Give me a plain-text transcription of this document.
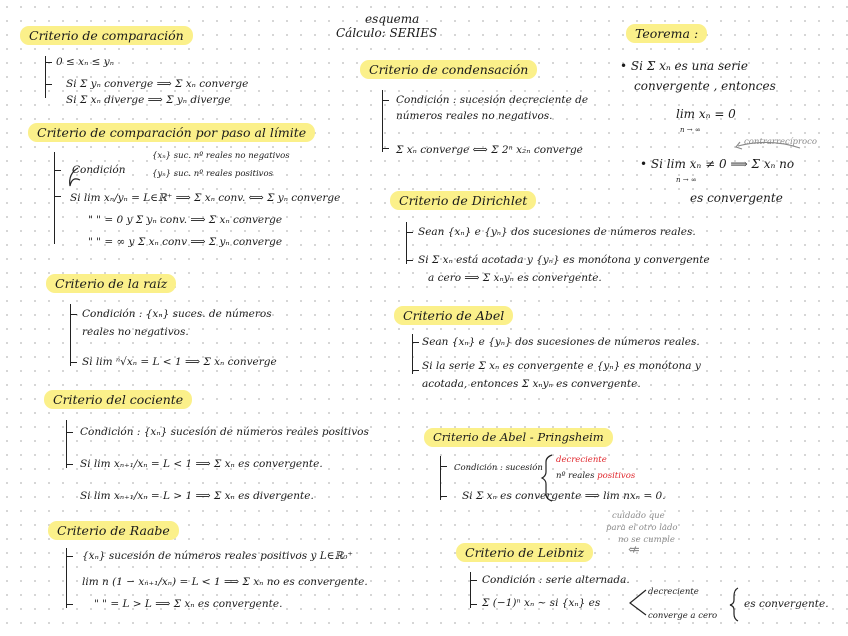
esquema
Cálculo: SERIES
Criterio de comparación
0 ≤ xₙ ≤ yₙ
Si Σ yₙ converge ⟹ Σ xₙ converge
Si Σ xₙ diverge ⟹ Σ yₙ diverge
Criterio de comparación por paso al límite
Condición
{xₙ} suc. nº reales no negativos
{yₙ} suc. nº reales positivos
Si lim xₙ/yₙ = L∈ℝ⁺ ⟹ Σ xₙ conv. ⟺ Σ yₙ converge
" " = 0 y Σ yₙ conv. ⟹ Σ xₙ converge
" " = ∞ y Σ xₙ conv ⟹ Σ yₙ converge
Criterio de la raíz
Condición : {xₙ} suces. de números
reales no negativos.
Si lim ⁿ√xₙ = L < 1 ⟹ Σ xₙ converge
Criterio del cociente
Condición : {xₙ} sucesión de números reales positivos
Si lim xₙ₊₁/xₙ = L < 1 ⟹ Σ xₙ es convergente.
Si lim xₙ₊₁/xₙ = L > 1 ⟹ Σ xₙ es divergente.
Criterio de Raabe
{xₙ} sucesión de números reales positivos y L∈ℝ₀⁺
lim n (1 − xₙ₊₁/xₙ) = L < 1 ⟹ Σ xₙ no es convergente.
" " = L > L ⟹ Σ xₙ es convergente.
Criterio de condensación
Condición : sucesión decreciente de
números reales no negativos.
Σ xₙ converge ⟺ Σ 2ⁿ x₂ₙ converge
Criterio de Dirichlet
Sean {xₙ} e {yₙ} dos sucesiones de números reales.
Si Σ xₙ está acotada y {yₙ} es monótona y convergente
a cero ⟹ Σ xₙyₙ es convergente.
Criterio de Abel
Sean {xₙ} e {yₙ} dos sucesiones de números reales.
Si la serie Σ xₙ es convergente e {yₙ} es monótona y
acotada, entonces Σ xₙyₙ es convergente.
Criterio de Abel - Pringsheim
Condición : sucesión
decreciente
nº reales positivos
Si Σ xₙ es convergente ⟹ lim nxₙ = 0.
cuidado que
para el otro lado
no se cumple
⇍
Criterio de Leibniz
Condición : serie alternada.
Σ (−1)ⁿ xₙ ∼ si {xₙ} es
decreciente
converge a cero
es convergente.
Teorema :
• Si Σ xₙ es una serie
convergente , entonces
lim xₙ = 0
n → ∞
contrarrecíproco
• Si lim xₙ ≠ 0 ⟹ Σ xₙ no
n → ∞
es convergente
